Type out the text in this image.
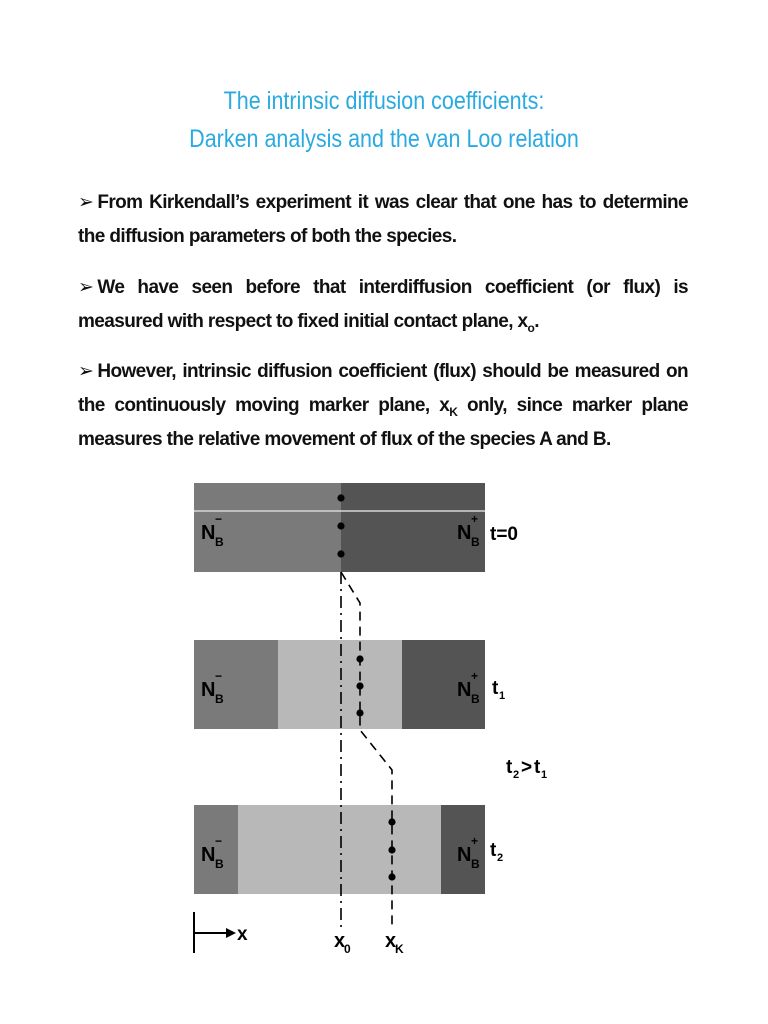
The intrinsic diffusion coefficients:
Darken analysis and the van Loo relation
➢ From Kirkendall’s experiment it was clear that one has to determine the diffusion parameters of both the species.
➢ We have seen before that interdiffusion coefficient (or flux) is measured with respect to fixed initial contact plane, $x_o$.
➢ However, intrinsic diffusion coefficient (flux) should be measured on the continuously moving marker plane, $x_K$ only, since marker plane measures the relative movement of flux of the species A and B.
N
−
B	N
+
B
N
−
B	N
+
B
N
−
B	N
+
B
t=0
t 1
t 2
t 2 > t 1
x	x
0 x
K
